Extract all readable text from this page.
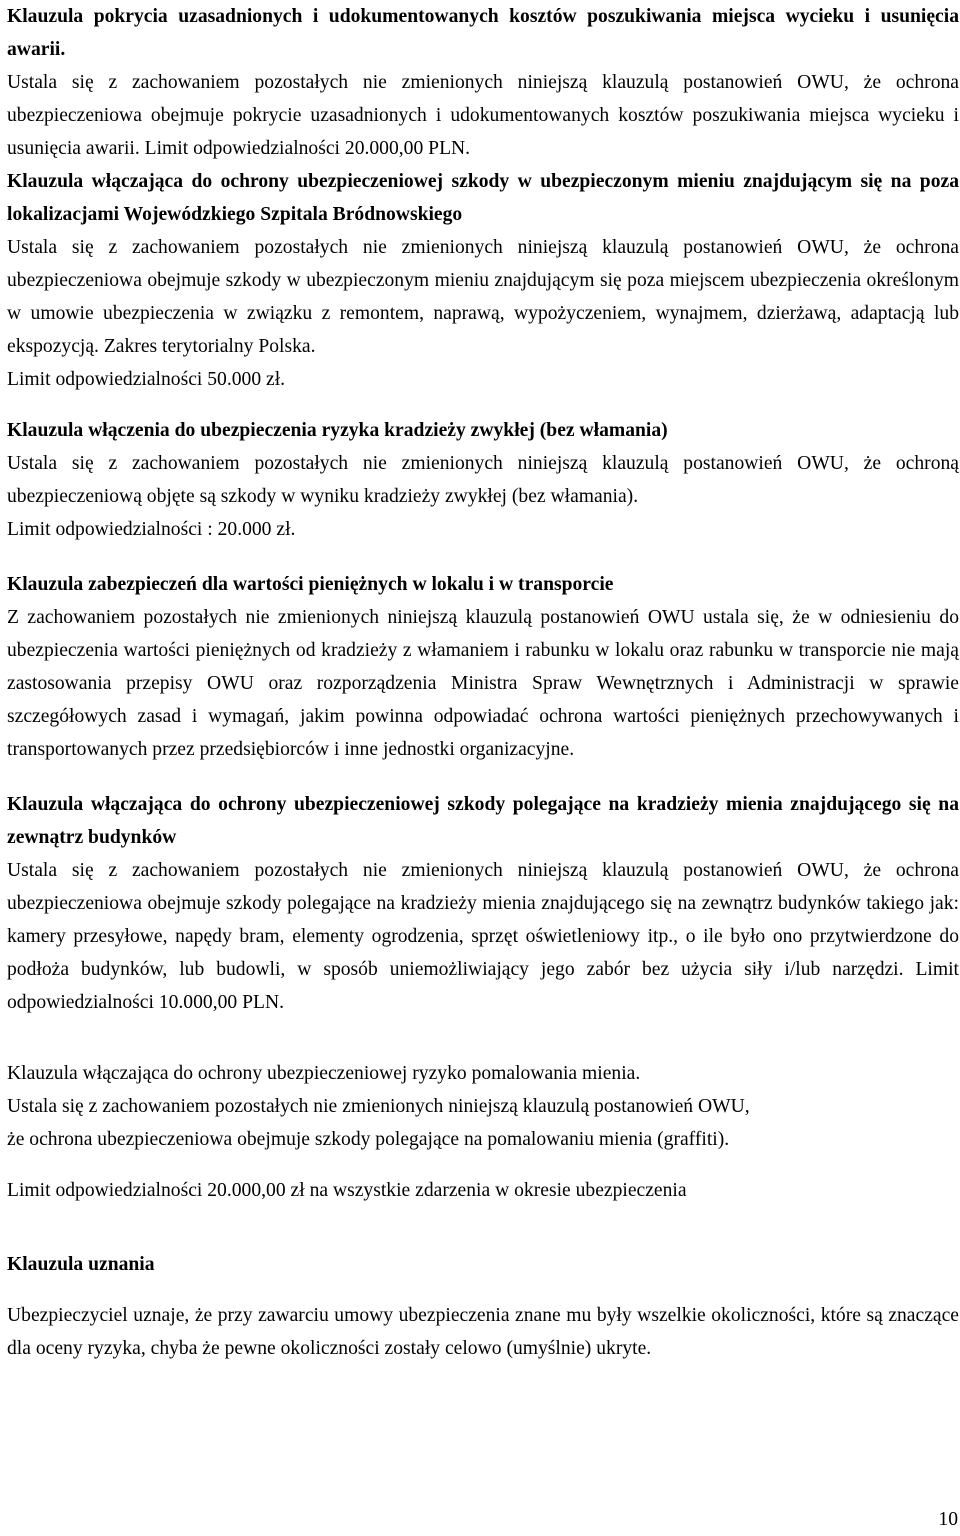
Klauzula pokrycia uzasadnionych i udokumentowanych kosztów poszukiwania miejsca wycieku i usunięcia awarii.

Ustala się z zachowaniem pozostałych nie zmienionych niniejszą klauzulą postanowień OWU, że ochrona ubezpieczeniowa obejmuje pokrycie uzasadnionych i udokumentowanych kosztów poszukiwania miejsca wycieku i usunięcia awarii. Limit odpowiedzialności 20.000,00 PLN.

Klauzula włączająca do ochrony ubezpieczeniowej szkody w ubezpieczonym mieniu znajdującym się na poza lokalizacjami Wojewódzkiego Szpitala Bródnowskiego

Ustala się z zachowaniem pozostałych nie zmienionych niniejszą klauzulą postanowień OWU, że ochrona ubezpieczeniowa obejmuje szkody w ubezpieczonym mieniu znajdującym się poza miejscem ubezpieczenia określonym w umowie ubezpieczenia w związku z remontem, naprawą, wypożyczeniem, wynajmem, dzierżawą, adaptacją lub ekspozycją. Zakres terytorialny Polska.

Limit odpowiedzialności 50.000 zł.

Klauzula włączenia do ubezpieczenia ryzyka kradzieży zwykłej (bez włamania)

Ustala się z zachowaniem pozostałych nie zmienionych niniejszą klauzulą postanowień OWU, że ochroną ubezpieczeniową objęte są szkody w wyniku kradzieży zwykłej (bez włamania).

Limit odpowiedzialności : 20.000 zł.

Klauzula zabezpieczeń dla wartości pieniężnych w lokalu i w transporcie

Z zachowaniem pozostałych nie zmienionych niniejszą klauzulą postanowień OWU ustala się, że w odniesieniu do ubezpieczenia wartości pieniężnych od kradzieży z włamaniem i rabunku w lokalu oraz rabunku w transporcie nie mają zastosowania przepisy OWU oraz rozporządzenia Ministra Spraw Wewnętrznych i Administracji w sprawie szczegółowych zasad i wymagań, jakim powinna odpowiadać ochrona wartości pieniężnych przechowywanych i transportowanych przez przedsiębiorców i inne jednostki organizacyjne.

Klauzula włączająca do ochrony ubezpieczeniowej szkody polegające na kradzieży mienia znajdującego się na zewnątrz budynków

Ustala się z zachowaniem pozostałych nie zmienionych niniejszą klauzulą postanowień OWU, że ochrona ubezpieczeniowa obejmuje szkody polegające na kradzieży mienia znajdującego się na zewnątrz budynków takiego jak: kamery przesyłowe, napędy bram, elementy ogrodzenia, sprzęt oświetleniowy itp., o ile było ono przytwierdzone do podłoża budynków, lub budowli, w sposób uniemożliwiający jego zabór bez użycia siły i/lub narzędzi. Limit odpowiedzialności 10.000,00 PLN.

Klauzula włączająca do ochrony ubezpieczeniowej ryzyko pomalowania mienia.

Ustala się z zachowaniem pozostałych nie zmienionych niniejszą klauzulą postanowień OWU,

że ochrona ubezpieczeniowa obejmuje szkody polegające na pomalowaniu mienia (graffiti).

Limit odpowiedzialności 20.000,00 zł na wszystkie zdarzenia w okresie ubezpieczenia

Klauzula uznania

Ubezpieczyciel uznaje, że przy zawarciu umowy ubezpieczenia znane mu były wszelkie okoliczności, które są znaczące dla oceny ryzyka, chyba że pewne okoliczności zostały celowo (umyślnie) ukryte.

10
